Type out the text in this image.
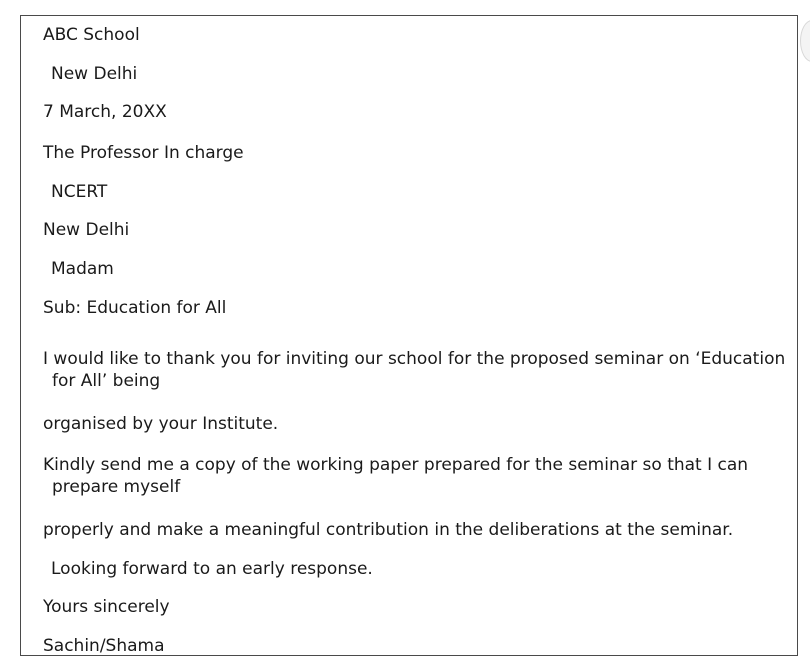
ABC School
New Delhi
7 March, 20XX
The Professor In charge
NCERT
New Delhi
Madam
Sub: Education for All
I would like to thank you for inviting our school for the proposed seminar on ‘Education
for All’ being
organised by your Institute.
Kindly send me a copy of the working paper prepared for the seminar so that I can
prepare myself
properly and make a meaningful contribution in the deliberations at the seminar.
Looking forward to an early response.
Yours sincerely
Sachin/Shama
